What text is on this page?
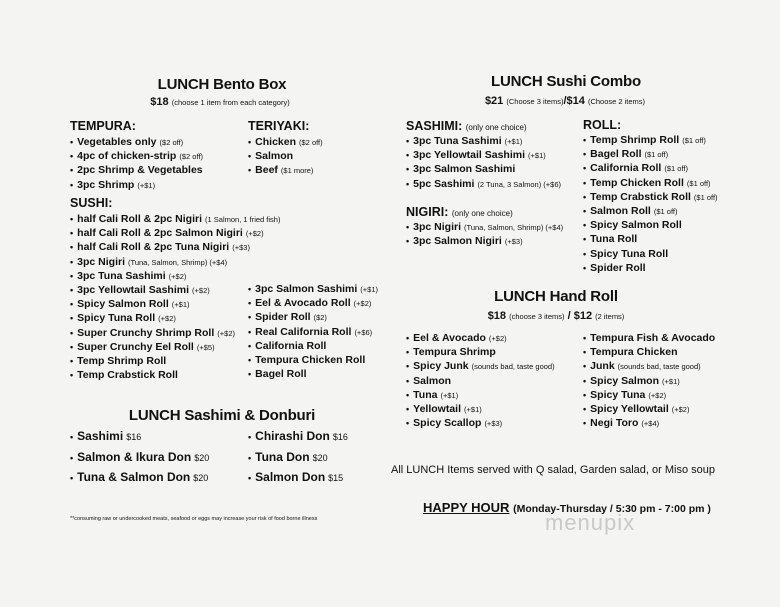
LUNCH Bento Box
$18 (choose 1 item from each category)
TEMPURA:
• Vegetables only ($2 off)
• 4pc of chicken-strip ($2 off)
• 2pc Shrimp & Vegetables
• 3pc Shrimp (+$1)
TERIYAKI:
• Chicken ($2 off)
• Salmon
• Beef ($1 more)
SUSHI:
• half Cali Roll & 2pc Nigiri (1 Salmon, 1 fried fish)
• half Cali Roll & 2pc Salmon Nigiri (+$2)
• half Cali Roll & 2pc Tuna Nigiri (+$3)
• 3pc Nigiri (Tuna, Salmon, Shrimp) (+$4)
• 3pc Tuna Sashimi (+$2)
• 3pc Yellowtail Sashimi (+$2)
• Spicy Salmon Roll (+$1)
• Spicy Tuna Roll (+$2)
• Super Crunchy Shrimp Roll (+$2)
• Super Crunchy Eel Roll (+$5)
• Temp Shrimp Roll
• Temp Crabstick Roll
• 3pc Salmon Sashimi (+$1)
• Eel & Avocado Roll (+$2)
• Spider Roll ($2)
• Real California Roll (+$6)
• California Roll
• Tempura Chicken Roll
• Bagel Roll
LUNCH Sashimi & Donburi
• Sashimi $16
• Salmon & Ikura Don $20
• Tuna & Salmon Don $20
• Chirashi Don $16
• Tuna Don $20
• Salmon Don $15
**consuming raw or undercooked meats, seafood or eggs may increase your risk of food borne illness
LUNCH Sushi Combo
$21 (Choose 3 items)/$14 (Choose 2 items)
SASHIMI: (only one choice)
• 3pc Tuna Sashimi (+$1)
• 3pc Yellowtail Sashimi (+$1)
• 3pc Salmon Sashimi
• 5pc Sashimi (2 Tuna, 3 Salmon) (+$6)
NIGIRI: (only one choice)
• 3pc Nigiri (Tuna, Salmon, Shrimp) (+$4)
• 3pc Salmon Nigiri (+$3)
ROLL:
• Temp Shrimp Roll ($1 off)
• Bagel Roll ($1 off)
• California Roll ($1 off)
• Temp Chicken Roll ($1 off)
• Temp Crabstick Roll ($1 off)
• Salmon Roll ($1 off)
• Spicy Salmon Roll
• Tuna Roll
• Spicy Tuna Roll
• Spider Roll
LUNCH Hand Roll
$18 (choose 3 items) / $12 (2 items)
• Eel & Avocado (+$2)
• Tempura Shrimp
• Spicy Junk (sounds bad, taste good)
• Salmon
• Tuna (+$1)
• Yellowtail (+$1)
• Spicy Scallop (+$3)
• Tempura Fish & Avocado
• Tempura Chicken
• Junk (sounds bad, taste good)
• Spicy Salmon (+$1)
• Spicy Tuna (+$2)
• Spicy Yellowtail (+$2)
• Negi Toro (+$4)
All LUNCH Items served with Q salad, Garden salad, or Miso soup
HAPPY HOUR (Monday-Thursday / 5:30 pm - 7:00 pm )
menupix
